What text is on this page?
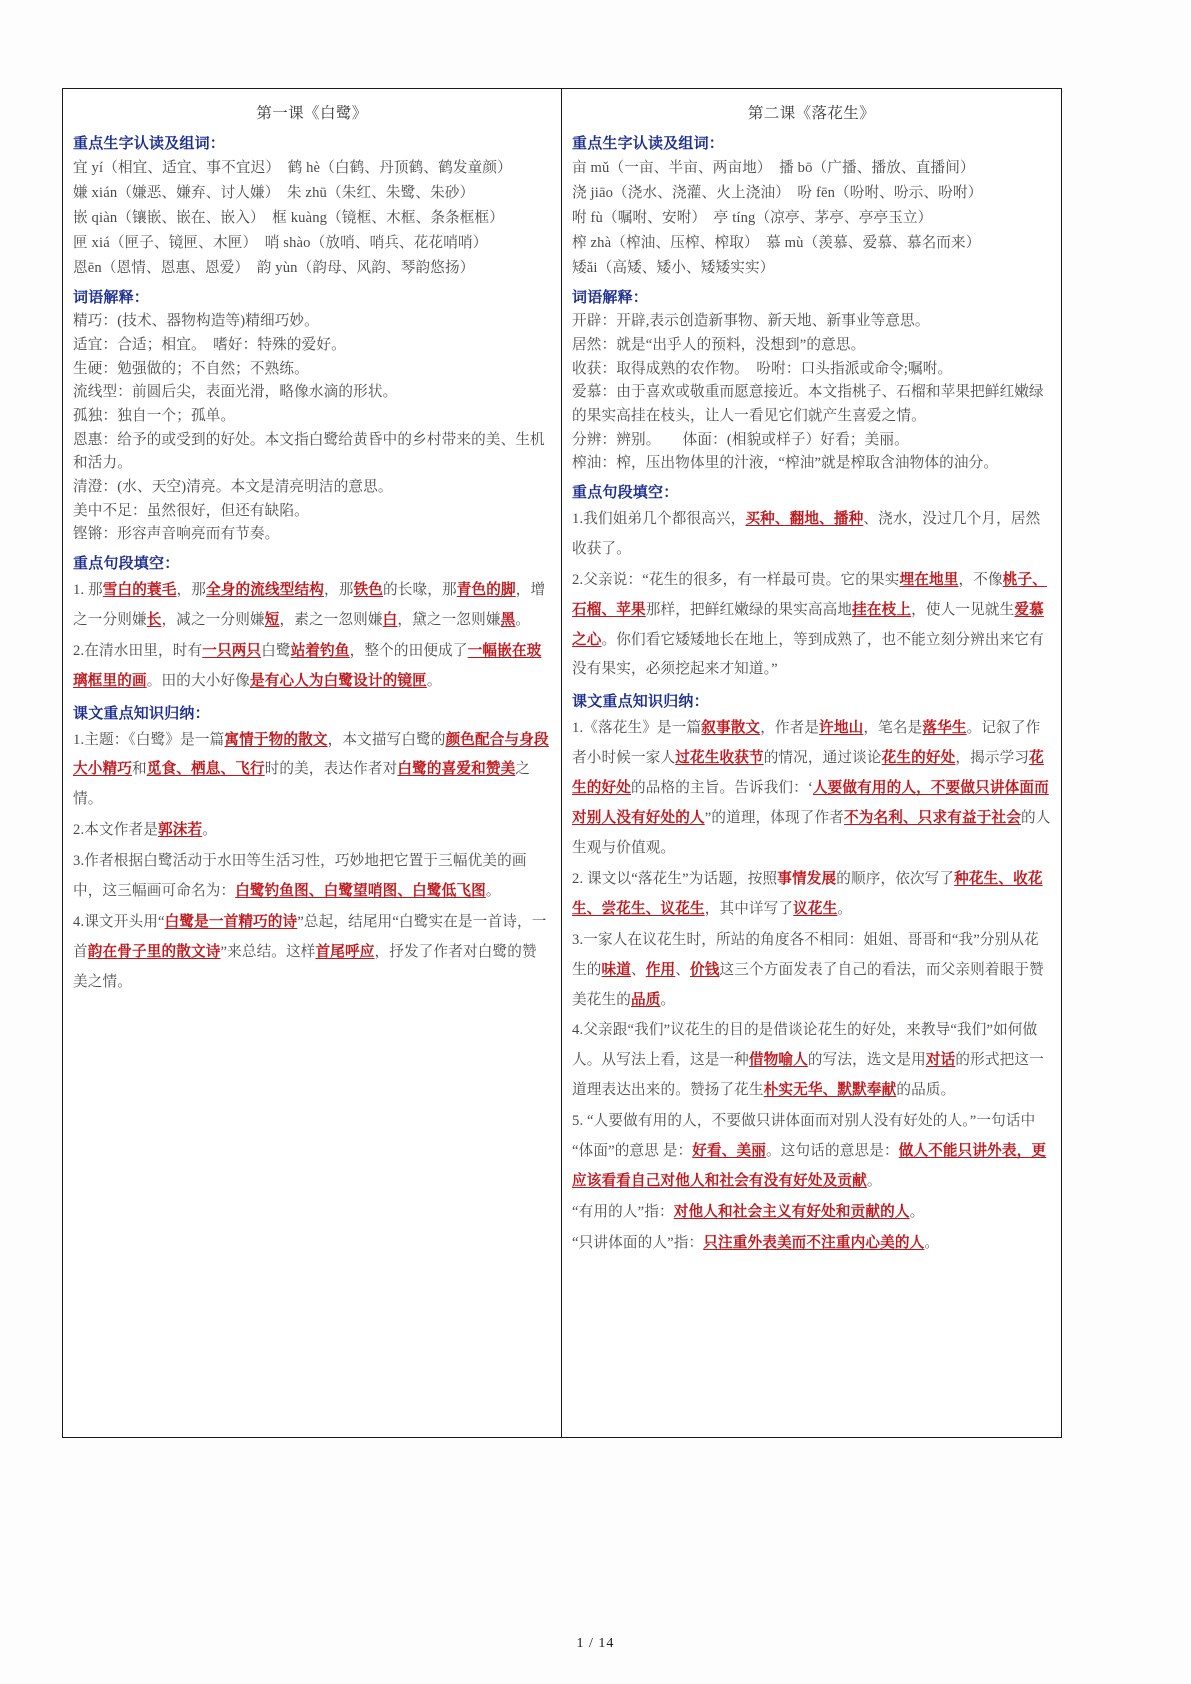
第一课《白鹭》
重点生字认读及组词：
宜 yí（相宜、适宜、事不宜迟）　鹤 hè（白鹤、丹顶鹤、鹤发童颜）
嫌 xián（嫌恶、嫌弃、讨人嫌）　朱 zhū（朱红、朱鹭、朱砂）
嵌 qiàn（镶嵌、嵌在、嵌入）　框 kuàng（镜框、木框、条条框框）
匣 xiá（匣子、镜匣、木匣）　哨 shào（放哨、哨兵、花花哨哨）
恩ēn（恩情、恩惠、恩爱）　韵 yùn（韵母、风韵、琴韵悠扬）
词语解释：
精巧：(技术、器物构造等)精细巧妙。
适宜：合适；相宜。　嗜好：特殊的爱好。
生硬：勉强做的；不自然；不熟练。
流线型：前圆后尖，表面光滑，略像水滴的形状。
孤独：独自一个；孤单。
恩惠：给予的或受到的好处。本文指白鹭给黄昏中的乡村带来的美、生机和活力。
清澄：(水、天空)清亮。本文是清亮明洁的意思。
美中不足：虽然很好，但还有缺陷。
铿锵：形容声音响亮而有节奏。
重点句段填空：
1. 那雪白的蓑毛，那全身的流线型结构，那铁色的长喙，那青色的脚，增之一分则嫌长，减之一分则嫌短，素之一忽则嫌白，黛之一忽则嫌黑。
2.在清水田里，时有一只两只白鹭站着钓鱼，整个的田便成了一幅嵌在玻璃框里的画。田的大小好像是有心人为白鹭设计的镜匣。
课文重点知识归纳：
1.主题：《白鹭》是一篇寓情于物的散文，本文描写白鹭的颜色配合与身段大小精巧和觅食、栖息、飞行时的美，表达作者对白鹭的喜爱和赞美之情。
2.本文作者是郭沫若。
3.作者根据白鹭活动于水田等生活习性，巧妙地把它置于三幅优美的画中，这三幅画可命名为：白鹭钓鱼图、白鹭望哨图、白鹭低飞图。
4.课文开头用“白鹭是一首精巧的诗”总起，结尾用“白鹭实在是一首诗，一首韵在骨子里的散文诗”来总结。这样首尾呼应，抒发了作者对白鹭的赞美之情。
第二课《落花生》
重点生字认读及组词：
亩 mǔ（一亩、半亩、两亩地）　播 bō（广播、播放、直播间）
浇 jiāo（浇水、浇灌、火上浇油）　吩 fēn（吩咐、吩示、吩咐）
咐 fù（嘱咐、安咐）　亭 tíng（凉亭、茅亭、亭亭玉立）
榨 zhà（榨油、压榨、榨取）　慕 mù（羡慕、爱慕、慕名而来）
矮ǎi（高矮、矮小、矮矮实实）
词语解释：
开辟：开辟,表示创造新事物、新天地、新事业等意思。
居然：就是“出乎人的预料，没想到”的意思。
收获：取得成熟的农作物。　吩咐：口头指派或命令;嘱咐。
爱慕：由于喜欢或敬重而愿意接近。本文指桃子、石榴和苹果把鲜红嫩绿的果实高挂在枝头，让人一看见它们就产生喜爱之情。
分辨：辨别。　　体面：(相貌或样子）好看；美丽。
榨油：榨，压出物体里的汁液，“榨油”就是榨取含油物体的油分。
重点句段填空：
1.我们姐弟几个都很高兴，买种、翻地、播种、浇水，没过几个月，居然收获了。
2.父亲说：“花生的很多，有一样最可贵。它的果实埋在地里，不像桃子、石榴、苹果那样，把鲜红嫩绿的果实高高地挂在枝上，使人一见就生爱慕之心。你们看它矮矮地长在地上，等到成熟了，也不能立刻分辨出来它有没有果实，必须挖起来才知道。”
课文重点知识归纳：
1.《落花生》是一篇叙事散文，作者是许地山，笔名是落华生。记叙了作者小时候一家人过花生收获节的情况，通过谈论花生的好处，揭示学习花生的好处的品格的主旨。告诉我们：‘人要做有用的人，不要做只讲体面而对别人没有好处的人”的道理，体现了作者不为名利、只求有益于社会的人生观与价值观。
2. 课文以“落花生”为话题，按照事情发展的顺序，依次写了种花生、收花生、尝花生、议花生，其中详写了议花生。
3.一家人在议花生时，所站的角度各不相同：姐姐、哥哥和“我”分别从花生的味道、作用、价钱这三个方面发表了自己的看法，而父亲则着眼于赞美花生的品质。
4.父亲跟“我们”议花生的目的是借谈论花生的好处，来教导“我们”如何做人。从写法上看，这是一种借物喻人的写法，选文是用对话的形式把这一道理表达出来的。赞扬了花生朴实无华、默默奉献的品质。
5. “人要做有用的人，不要做只讲体面而对别人没有好处的人。”一句话中“体面”的意思 是：好看、美丽。这句话的意思是：做人不能只讲外表，更应该看看自己对他人和社会有没有好处及贡献。
“有用的人”指：对他人和社会主义有好处和贡献的人。
“只讲体面的人”指：只注重外表美而不注重内心美的人。
1 / 14
